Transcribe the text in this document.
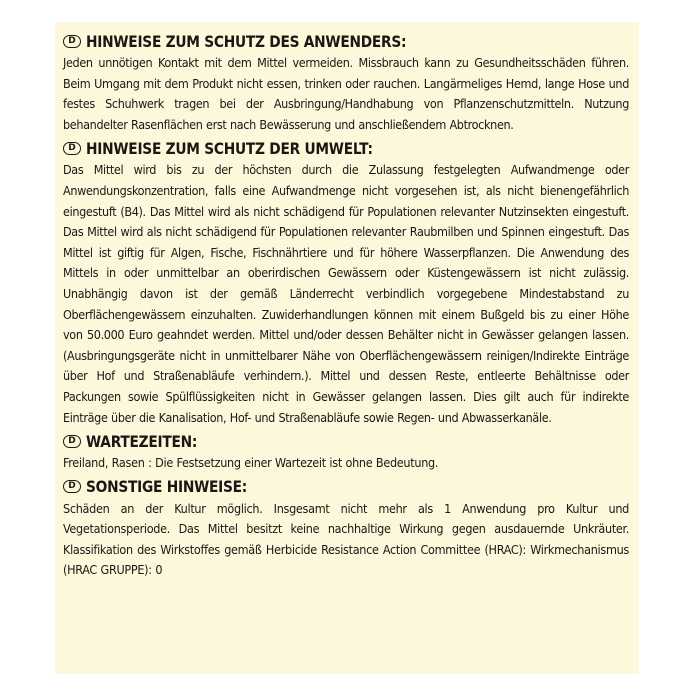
D HINWEISE ZUM SCHUTZ DES ANWENDERS:

Jeden unnötigen Kontakt mit dem Mittel vermeiden. Missbrauch kann zu Gesundheitsschäden führen. Beim Umgang mit dem Produkt nicht essen, trinken oder rauchen. Langärmeliges Hemd, lange Hose und festes Schuhwerk tragen bei der Ausbringung/Handhabung von Pflanzenschutzmitteln. Nutzung behandelter Rasenflächen erst nach Bewässerung und anschließendem Abtrocknen.

D HINWEISE ZUM SCHUTZ DER UMWELT:

Das Mittel wird bis zu der höchsten durch die Zulassung festgelegten Aufwandmenge oder Anwendungskonzentration, falls eine Aufwandmenge nicht vorgesehen ist, als nicht bienengefährlich eingestuft (B4). Das Mittel wird als nicht schädigend für Populationen relevanter Nutzinsekten eingestuft. Das Mittel wird als nicht schädigend für Populationen relevanter Raubmilben und Spinnen eingestuft. Das Mittel ist giftig für Algen, Fische, Fischnährtiere und für höhere Wasserpflanzen. Die Anwendung des Mittels in oder unmittelbar an oberirdischen Gewässern oder Küstengewässern ist nicht zulässig. Unabhängig davon ist der gemäß Länderrecht verbindlich vorgegebene Mindestabstand zu Oberflächengewässern einzuhalten. Zuwiderhandlungen können mit einem Bußgeld bis zu einer Höhe von 50.000 Euro geahndet werden. Mittel und/oder dessen Behälter nicht in Gewässer gelangen lassen. (Ausbringungsgeräte nicht in unmittelbarer Nähe von Oberflächengewässern reinigen/Indirekte Einträge über Hof und Straßenabläufe verhindern.). Mittel und dessen Reste, entleerte Behältnisse oder Packungen sowie Spülflüssigkeiten nicht in Gewässer gelangen lassen. Dies gilt auch für indirekte Einträge über die Kanalisation, Hof- und Straßenabläufe sowie Regen- und Abwasserkanäle.

D WARTEZEITEN:

Freiland, Rasen : Die Festsetzung einer Wartezeit ist ohne Bedeutung.

D SONSTIGE HINWEISE:

Schäden an der Kultur möglich. Insgesamt nicht mehr als 1 Anwendung pro Kultur und Vegetationsperiode. Das Mittel besitzt keine nachhaltige Wirkung gegen ausdauernde Unkräuter. Klassifikation des Wirkstoffes gemäß Herbicide Resistance Action Committee (HRAC): Wirkmechanismus (HRAC GRUPPE): 0
